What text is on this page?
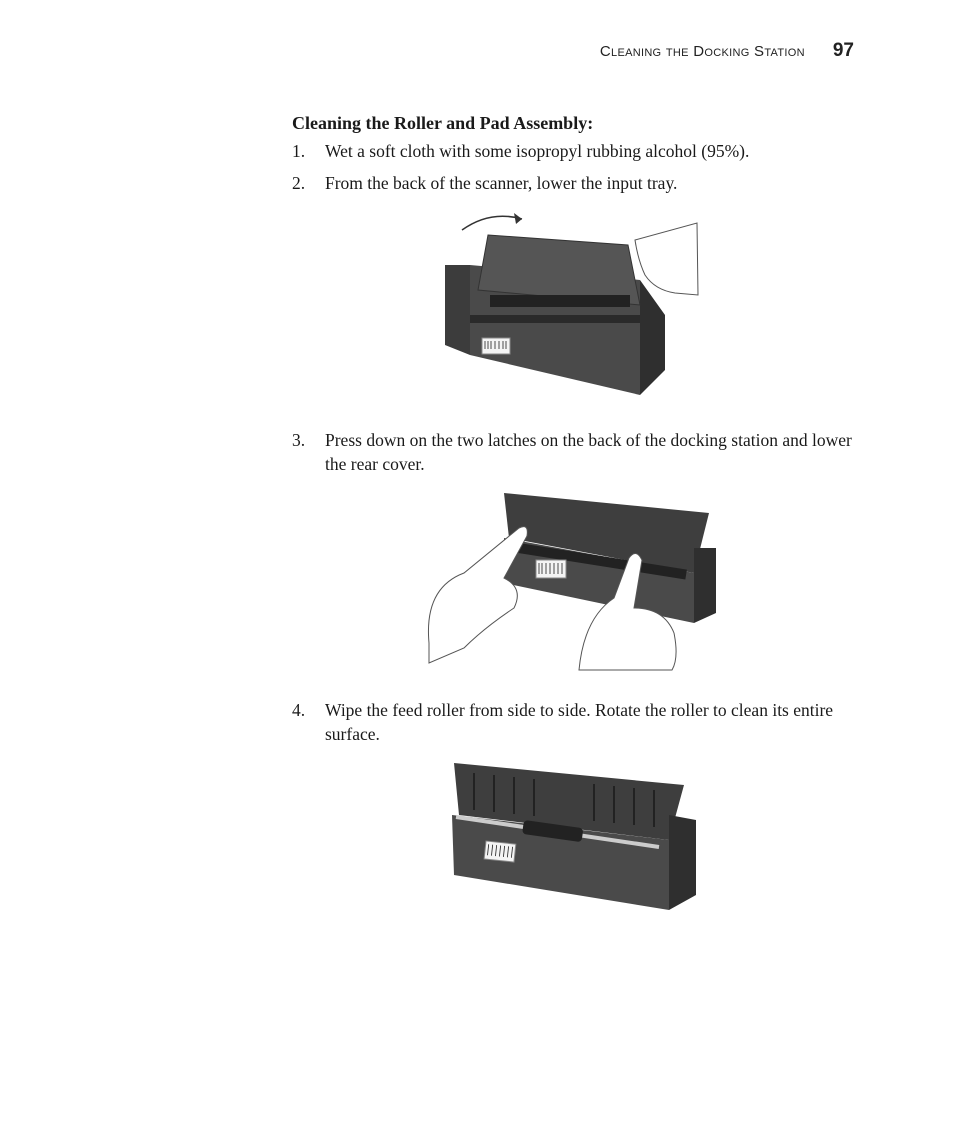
Cleaning the Docking Station 97
Cleaning the Roller and Pad Assembly:
1.	Wet a soft cloth with some isopropyl rubbing alcohol (95%).
2.	From the back of the scanner, lower the input tray.
3.	Press down on the two latches on the back of the docking station and lower the rear cover.
4.	Wipe the feed roller from side to side. Rotate the roller to clean its entire surface.
